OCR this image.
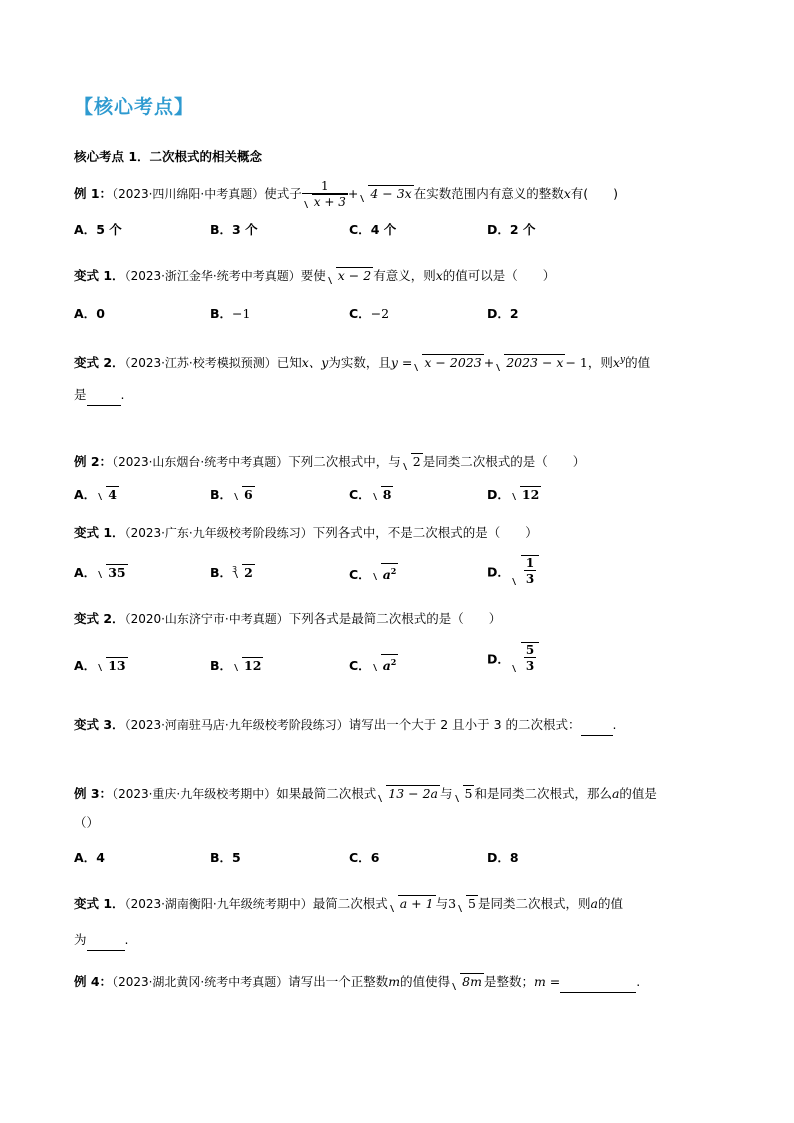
【核心考点】
核心考点 1．二次根式的相关概念
例 1：（2023·四川绵阳·中考真题）使式子 $\frac{1}{x + 3} + 4 - 3x$ 在实数范围内有意义的整数x有(　　)
A．5 个	B．3 个	C．4 个	D．2 个
变式 1．（2023·浙江金华·统考中考真题）要使 x − 2 有意义，则x的值可以是（　　）
A．0	B．−1	C．−2	D．2
变式 2．（2023·江苏·校考模拟预测）已知x、y为实数，且y = x − 2023 + 2023 − x − 1，则$x^y$的值
是	.
例 2：（2023·山东烟台·统考中考真题）下列二次根式中，与 2 是同类二次根式的是（　　）
A． 4	B． 6	C． 8	D． 12
变式 1．（2023·广东·九年级校考阶段练习）下列各式中，不是二次根式的是（　　）
A． 35	B．$^3$ 2	C． $a^2$	D． $\frac{1}{3}$
变式 2．（2020·山东济宁市·中考真题）下列各式是最简二次根式的是（　　）
A． 13	B． 12	C． $a^2$	D． $\frac{5}{3}$
变式 3．（2023·河南驻马店·九年级校考阶段练习）请写出一个大于 2 且小于 3 的二次根式：	.
例 3：（2023·重庆·九年级校考期中）如果最简二次根式 13 − 2a 与 5 和是同类二次根式，那么a的值是
（）
A．4	B．5	C．6	D．8
变式 1．（2023·湖南衡阳·九年级统考期中）最简二次根式 a + 1 与3 5 是同类二次根式，则a的值
为	.
例 4：（2023·湖北黄冈·统考中考真题）请写出一个正整数m的值使得 8m 是整数；m =	.
